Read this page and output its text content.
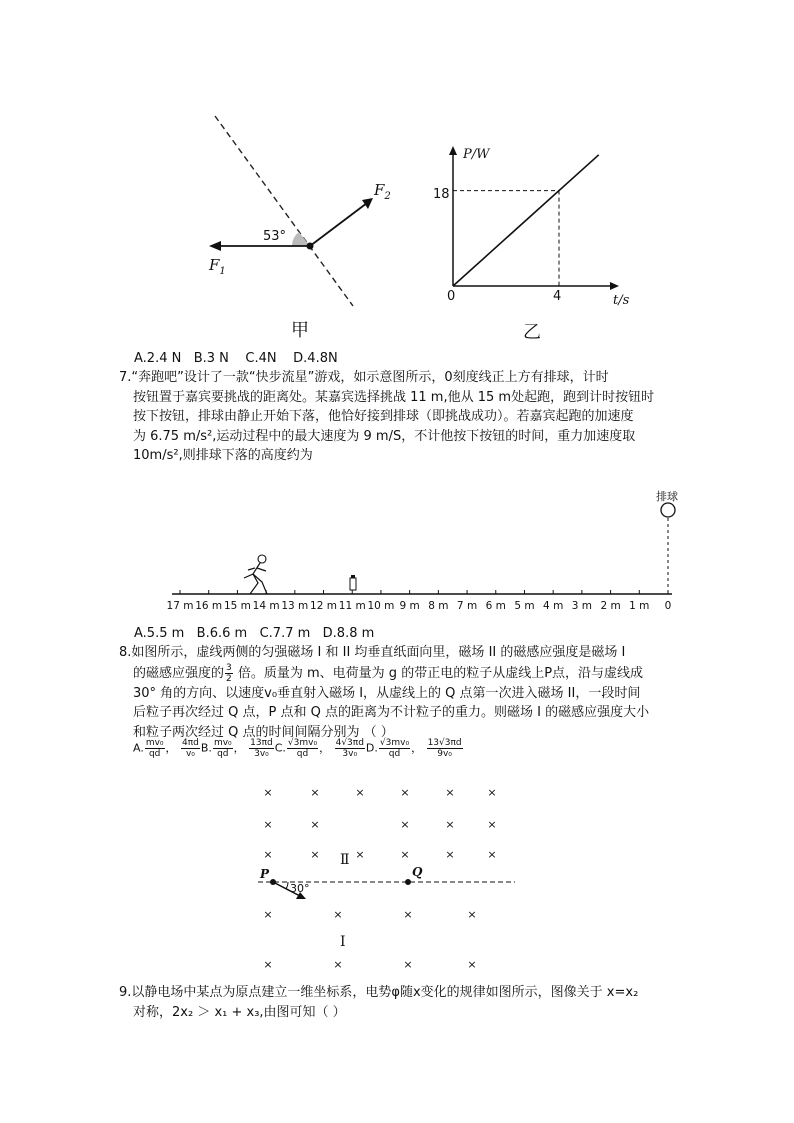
53°
$F_2$
$F_1$
甲
P/W
18
0	4	t/s
乙
A.2.4 N   B.3 N    C.4N    D.4.8N
7.“奔跑吧”设计了一款“快步流星”游戏，如示意图所示，0刻度线正上方有排球，计时
按钮置于嘉宾要挑战的距离处。某嘉宾选择挑战 11 m,他从 15 m处起跑，跑到计时按钮时
按下按钮，排球由静止开始下落，他恰好接到排球（即挑战成功）。若嘉宾起跑的加速度
为 6.75 m/s²,运动过程中的最大速度为 9 m/S，不计他按下按钮的时间，重力加速度取
10m/s²,则排球下落的高度约为
排球
17 m 16 m 15 m 14 m 13 m 12 m 11 m 10 m 9 m 8 m 7 m 6 m 5 m 4 m 3 m 2 m 1 m 0
A.5.5 m   B.6.6 m   C.7.7 m   D.8.8 m
8.如图所示，虚线两侧的匀强磁场 I 和 II 均垂直纸面向里，磁场 II 的磁感应强度是磁场 I
的磁感应强度的 $\frac{3}{2}$ 倍。质量为 m、电荷量为 g 的带正电的粒子从虚线上P点，沿与虚线成
30° 角的方向、以速度v₀垂直射入磁场 I，从虚线上的 Q 点第一次进入磁场 II，一段时间
后粒子再次经过 Q 点，P 点和 Q 点的距离为不计粒子的重力。则磁场 I 的磁感应强度大小
和粒子两次经过 Q 点的时间间隔分别为 （ ）
A. $\frac{\text{mv₀}}{qd}$ ， $\frac{4\pi d}{\text{v₀}} B$. $\frac{\text{mv₀}}{qd}$ ， $\frac{13\pi d}{\text{3v₀}} C$. $\frac{\text{√3mv₀}}{qd}$ ， $\frac{4√3\pi d}{\text{3v₀}} D$. $\frac{\text{√3mv₀}}{qd}$ ， $\frac{13√3\pi d}{\text{9v₀}}$
×	×	×	×	×	×
×	×	×	×	×
×	×	×	×	×	×
×	×	×	×
×	×	×	×
Ⅱ
Ⅰ
P	Q
30°
9.以静电场中某点为原点建立一维坐标系，电势φ随x变化的规律如图所示，图像关于 x=x₂
对称，2x₂ ＞ x₁ + x₃,由图可知（ ）
